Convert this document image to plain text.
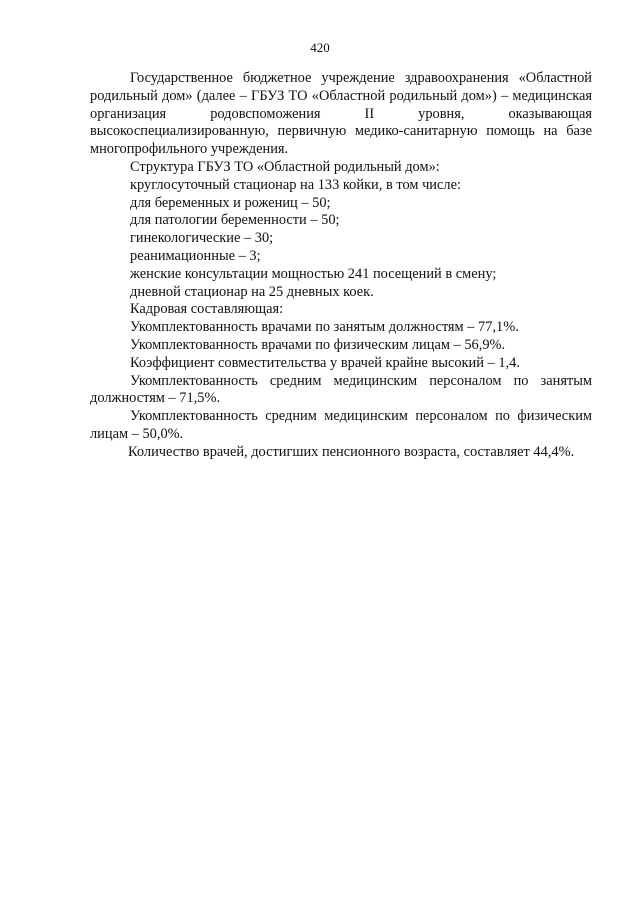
420

Государственное бюджетное учреждение здравоохранения «Областной родильный дом» (далее – ГБУЗ ТО «Областной родильный дом») – медицинская организация родовспоможения II уровня, оказывающая высокоспециализированную, первичную медико-санитарную помощь на базе многопрофильного учреждения.

Структура ГБУЗ ТО «Областной родильный дом»:

круглосуточный стационар на 133 койки, в том числе:

для беременных и рожениц – 50;

для патологии беременности – 50;

гинекологические – 30;

реанимационные – 3;

женские консультации мощностью 241 посещений в смену;

дневной стационар на 25 дневных коек.

Кадровая составляющая:

Укомплектованность врачами по занятым должностям – 77,1%.

Укомплектованность врачами по физическим лицам – 56,9%.

Коэффициент совместительства у врачей крайне высокий – 1,4.

Укомплектованность средним медицинским персоналом по занятым должностям – 71,5%.

Укомплектованность средним медицинским персоналом по физическим лицам – 50,0%.

Количество врачей, достигших пенсионного возраста, составляет 44,4%.
